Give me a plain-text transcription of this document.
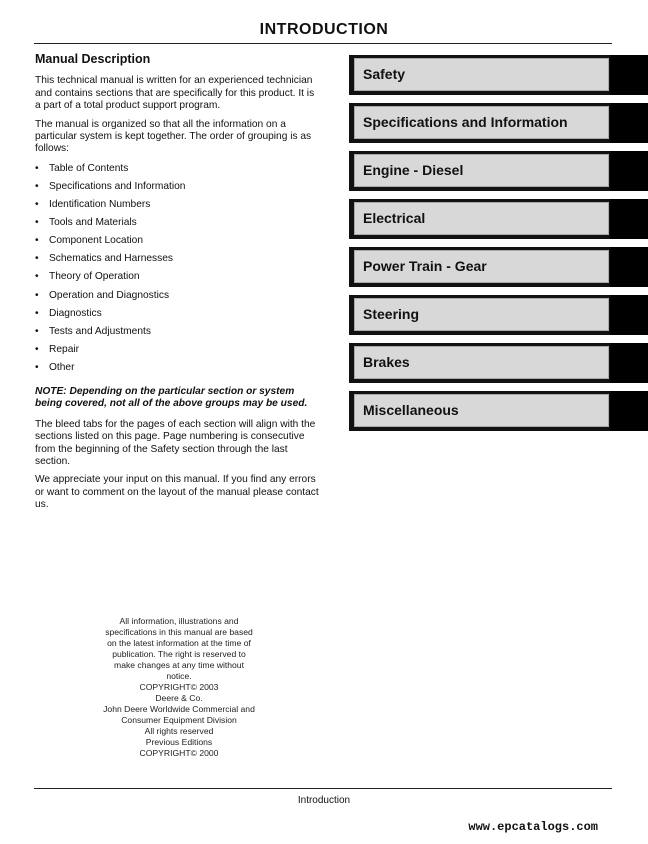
INTRODUCTION
Manual Description

This technical manual is written for an experienced technician and contains sections that are specifically for this product. It is a part of a total product support program.

The manual is organized so that all the information on a particular system is kept together. The order of grouping is as follows:

• Table of Contents
• Specifications and Information
• Identification Numbers
• Tools and Materials
• Component Location
• Schematics and Harnesses
• Theory of Operation
• Operation and Diagnostics
• Diagnostics
• Tests and Adjustments
• Repair
• Other

NOTE: Depending on the particular section or system being covered, not all of the above groups may be used.

The bleed tabs for the pages of each section will align with the sections listed on this page. Page numbering is consecutive from the beginning of the Safety section through the last section.

We appreciate your input on this manual. If you find any errors or want to comment on the layout of the manual please contact us.

All information, illustrations and
specifications in this manual are based
on the latest information at the time of
publication. The right is reserved to
make changes at any time without
notice.
COPYRIGHT© 2003
Deere & Co.
John Deere Worldwide Commercial and
Consumer Equipment Division
All rights reserved
Previous Editions
COPYRIGHT© 2000
Safety
Specifications and Information
Engine - Diesel
Electrical
Power Train - Gear
Steering
Brakes
Miscellaneous
Introduction
www.epcatalogs.com
